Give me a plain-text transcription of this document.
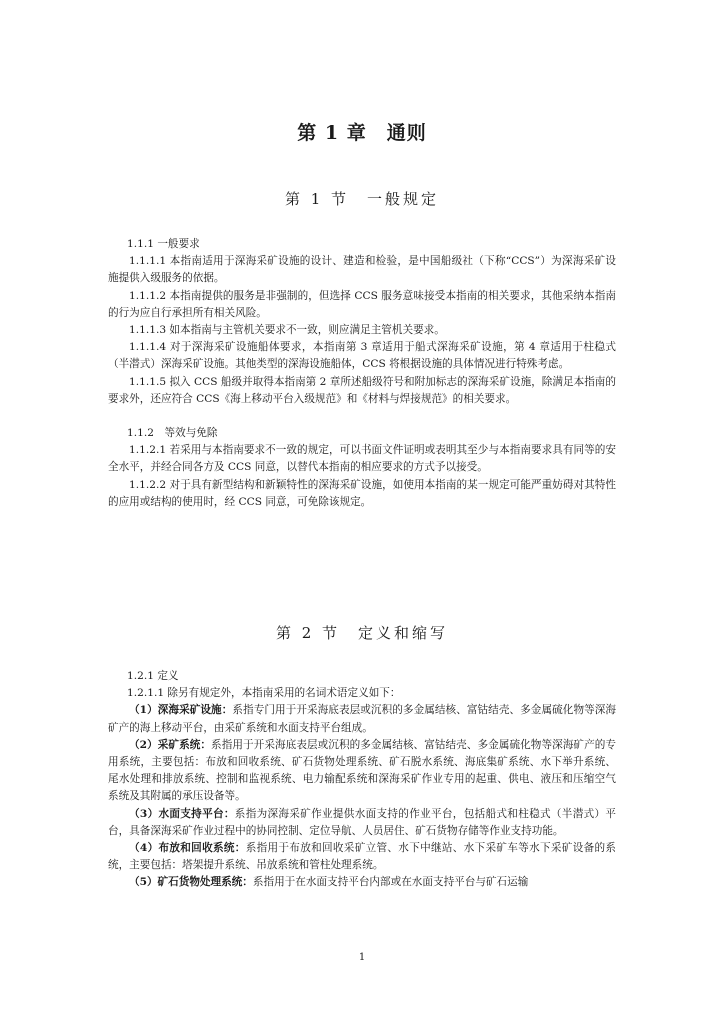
第 1 章　通则
第 1 节　一般规定

1.1.1 一般要求

1.1.1.1 本指南适用于深海采矿设施的设计、建造和检验，是中国船级社（下称“CCS”）为深海采矿设施提供入级服务的依据。

1.1.1.2 本指南提供的服务是非强制的，但选择 CCS 服务意味接受本指南的相关要求，其他采纳本指南的行为应自行承担所有相关风险。

1.1.1.3 如本指南与主管机关要求不一致，则应满足主管机关要求。

1.1.1.4 对于深海采矿设施船体要求，本指南第 3 章适用于船式深海采矿设施，第 4 章适用于柱稳式（半潜式）深海采矿设施。其他类型的深海设施船体，CCS 将根据设施的具体情况进行特殊考虑。

1.1.1.5 拟入 CCS 船级并取得本指南第 2 章所述船级符号和附加标志的深海采矿设施，除满足本指南的要求外，还应符合 CCS《海上移动平台入级规范》和《材料与焊接规范》的相关要求。

1.1.2　等效与免除

1.1.2.1 若采用与本指南要求不一致的规定，可以书面文件证明或表明其至少与本指南要求具有同等的安全水平，并经合同各方及 CCS 同意，以替代本指南的相应要求的方式予以接受。

1.1.2.2 对于具有新型结构和新颖特性的深海采矿设施，如使用本指南的某一规定可能严重妨碍对其特性的应用或结构的使用时，经 CCS 同意，可免除该规定。

第 2 节　定义和缩写

1.2.1 定义

1.2.1.1 除另有规定外，本指南采用的名词术语定义如下：

（1）深海采矿设施：系指专门用于开采海底表层或沉积的多金属结核、富钴结壳、多金属硫化物等深海矿产的海上移动平台，由采矿系统和水面支持平台组成。

（2）采矿系统：系指用于开采海底表层或沉积的多金属结核、富钴结壳、多金属硫化物等深海矿产的专用系统，主要包括：布放和回收系统、矿石货物处理系统、矿石脱水系统、海底集矿系统、水下举升系统、尾水处理和排放系统、控制和监视系统、电力输配系统和深海采矿作业专用的起重、供电、液压和压缩空气系统及其附属的承压设备等。

（3）水面支持平台：系指为深海采矿作业提供水面支持的作业平台，包括船式和柱稳式（半潜式）平台，具备深海采矿作业过程中的协同控制、定位导航、人员居住、矿石货物存储等作业支持功能。

（4）布放和回收系统：系指用于布放和回收采矿立管、水下中继站、水下采矿车等水下采矿设备的系统，主要包括：塔架提升系统、吊放系统和管柱处理系统。

（5）矿石货物处理系统：系指用于在水面支持平台内部或在水面支持平台与矿石运输

1
